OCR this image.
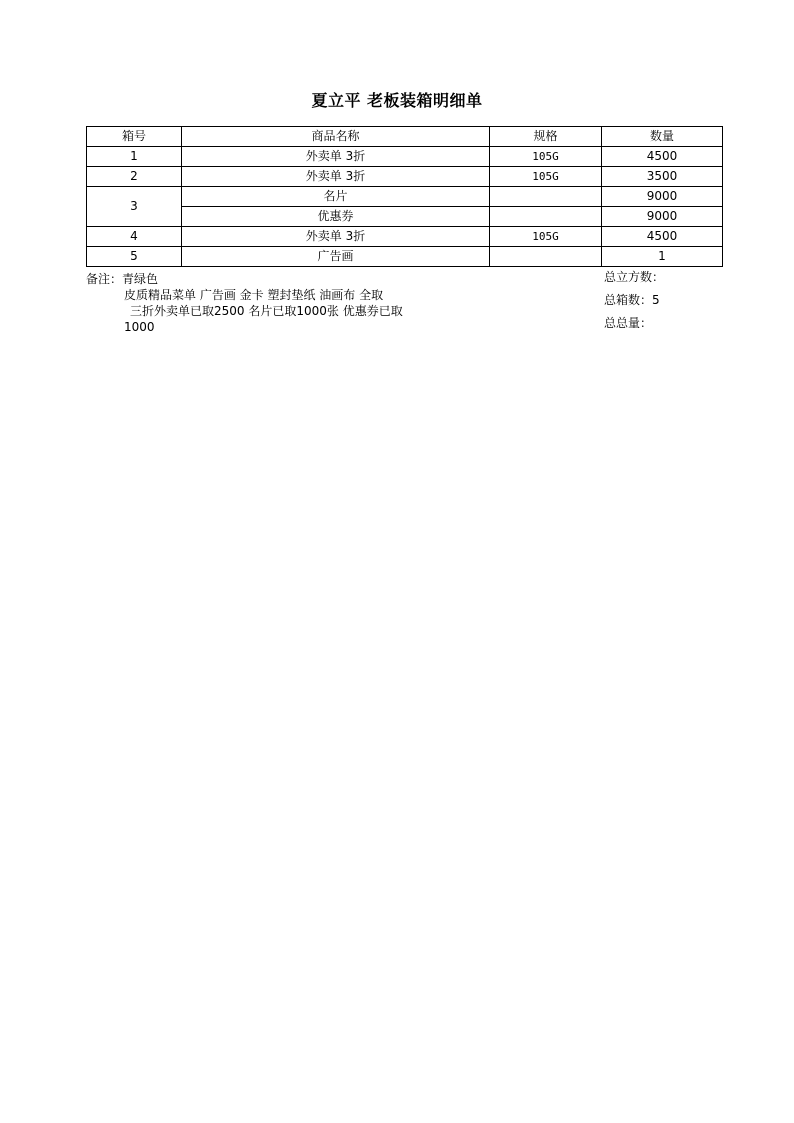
夏立平 老板装箱明细单
箱号	商品名称	规格	数量
1	外卖单 3折	105G	4500
2	外卖单 3折	105G	3500
3	名片		9000
	优惠券		9000
4	外卖单 3折	105G	4500
5	广告画		1
备注：青绿色
皮质精品菜单 广告画 金卡 塑封垫纸 油画布 全取
三折外卖单已取2500 名片已取1000张 优惠券已取
1000
总立方数：
总箱数：5
总总量：
